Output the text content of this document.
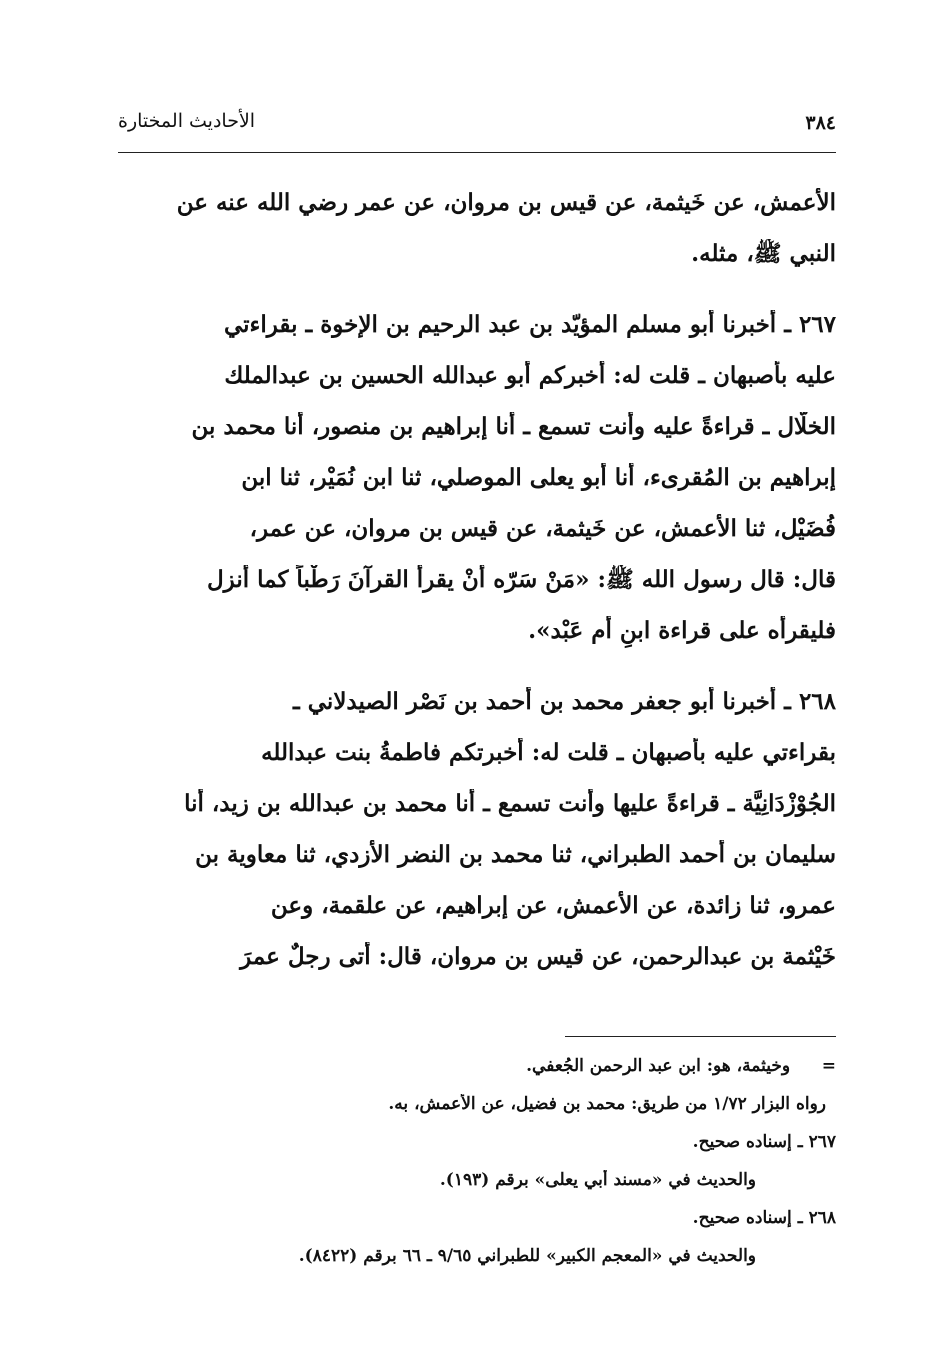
٣٨٤
الأحاديث المختارة
الأعمش، عن خَيثمة، عن قيس بن مروان، عن عمر رضي الله عنه عن
النبي ﷺ، مثله.
٢٦٧ ـ أخبرنا أبو مسلم المؤيّد بن عبد الرحيم بن الإخوة ـ بقراءتي
عليه بأصبهان ـ قلت له: أخبركم أبو عبدالله الحسين بن عبدالملك
الخلّال ـ قراءةً عليه وأنت تسمع ـ أنا إبراهيم بن منصور، أنا محمد بن
إبراهيم بن المُقرىء، أنا أبو يعلى الموصلي، ثنا ابن نُمَيْر، ثنا ابن
فُضَيْل، ثنا الأعمش، عن خَيثمة، عن قيس بن مروان، عن عمر،
قال: قال رسول الله ﷺ: «مَنْ سَرّه أنْ يقرأ القرآنَ رَطْباً كما أُنزل
فليقرأه على قراءة ابنِ أُم عَبْد».
٢٦٨ ـ أخبرنا أبو جعفر محمد بن أحمد بن نَصْر الصيدلاني ـ
بقراءتي عليه بأصبهان ـ قلت له: أخبرتكم فاطمةُ بنت عبدالله
الجُوْزْدَانِيَّة ـ قراءةً عليها وأنت تسمع ـ أنا محمد بن عبدالله بن زيد، أنا
سليمان بن أحمد الطبراني، ثنا محمد بن النضر الأزدي، ثنا معاوية بن
عمرو، ثنا زائدة، عن الأعمش، عن إبراهيم، عن علقمة، وعن
خَيْثمة بن عبدالرحمن، عن قيس بن مروان، قال: أتى رجلٌ عمرَ
= وخيثمة، هو: ابن عبد الرحمن الجُعفي.
رواه البزار ١/٧٢ من طريق: محمد بن فضيل، عن الأعمش، به.
٢٦٧ ـ إسناده صحيح.
والحديث في «مسند أبي يعلى» برقم (١٩٣).
٢٦٨ ـ إسناده صحيح.
والحديث في «المعجم الكبير» للطبراني ٩/٦٥ ـ ٦٦ برقم (٨٤٢٢).
